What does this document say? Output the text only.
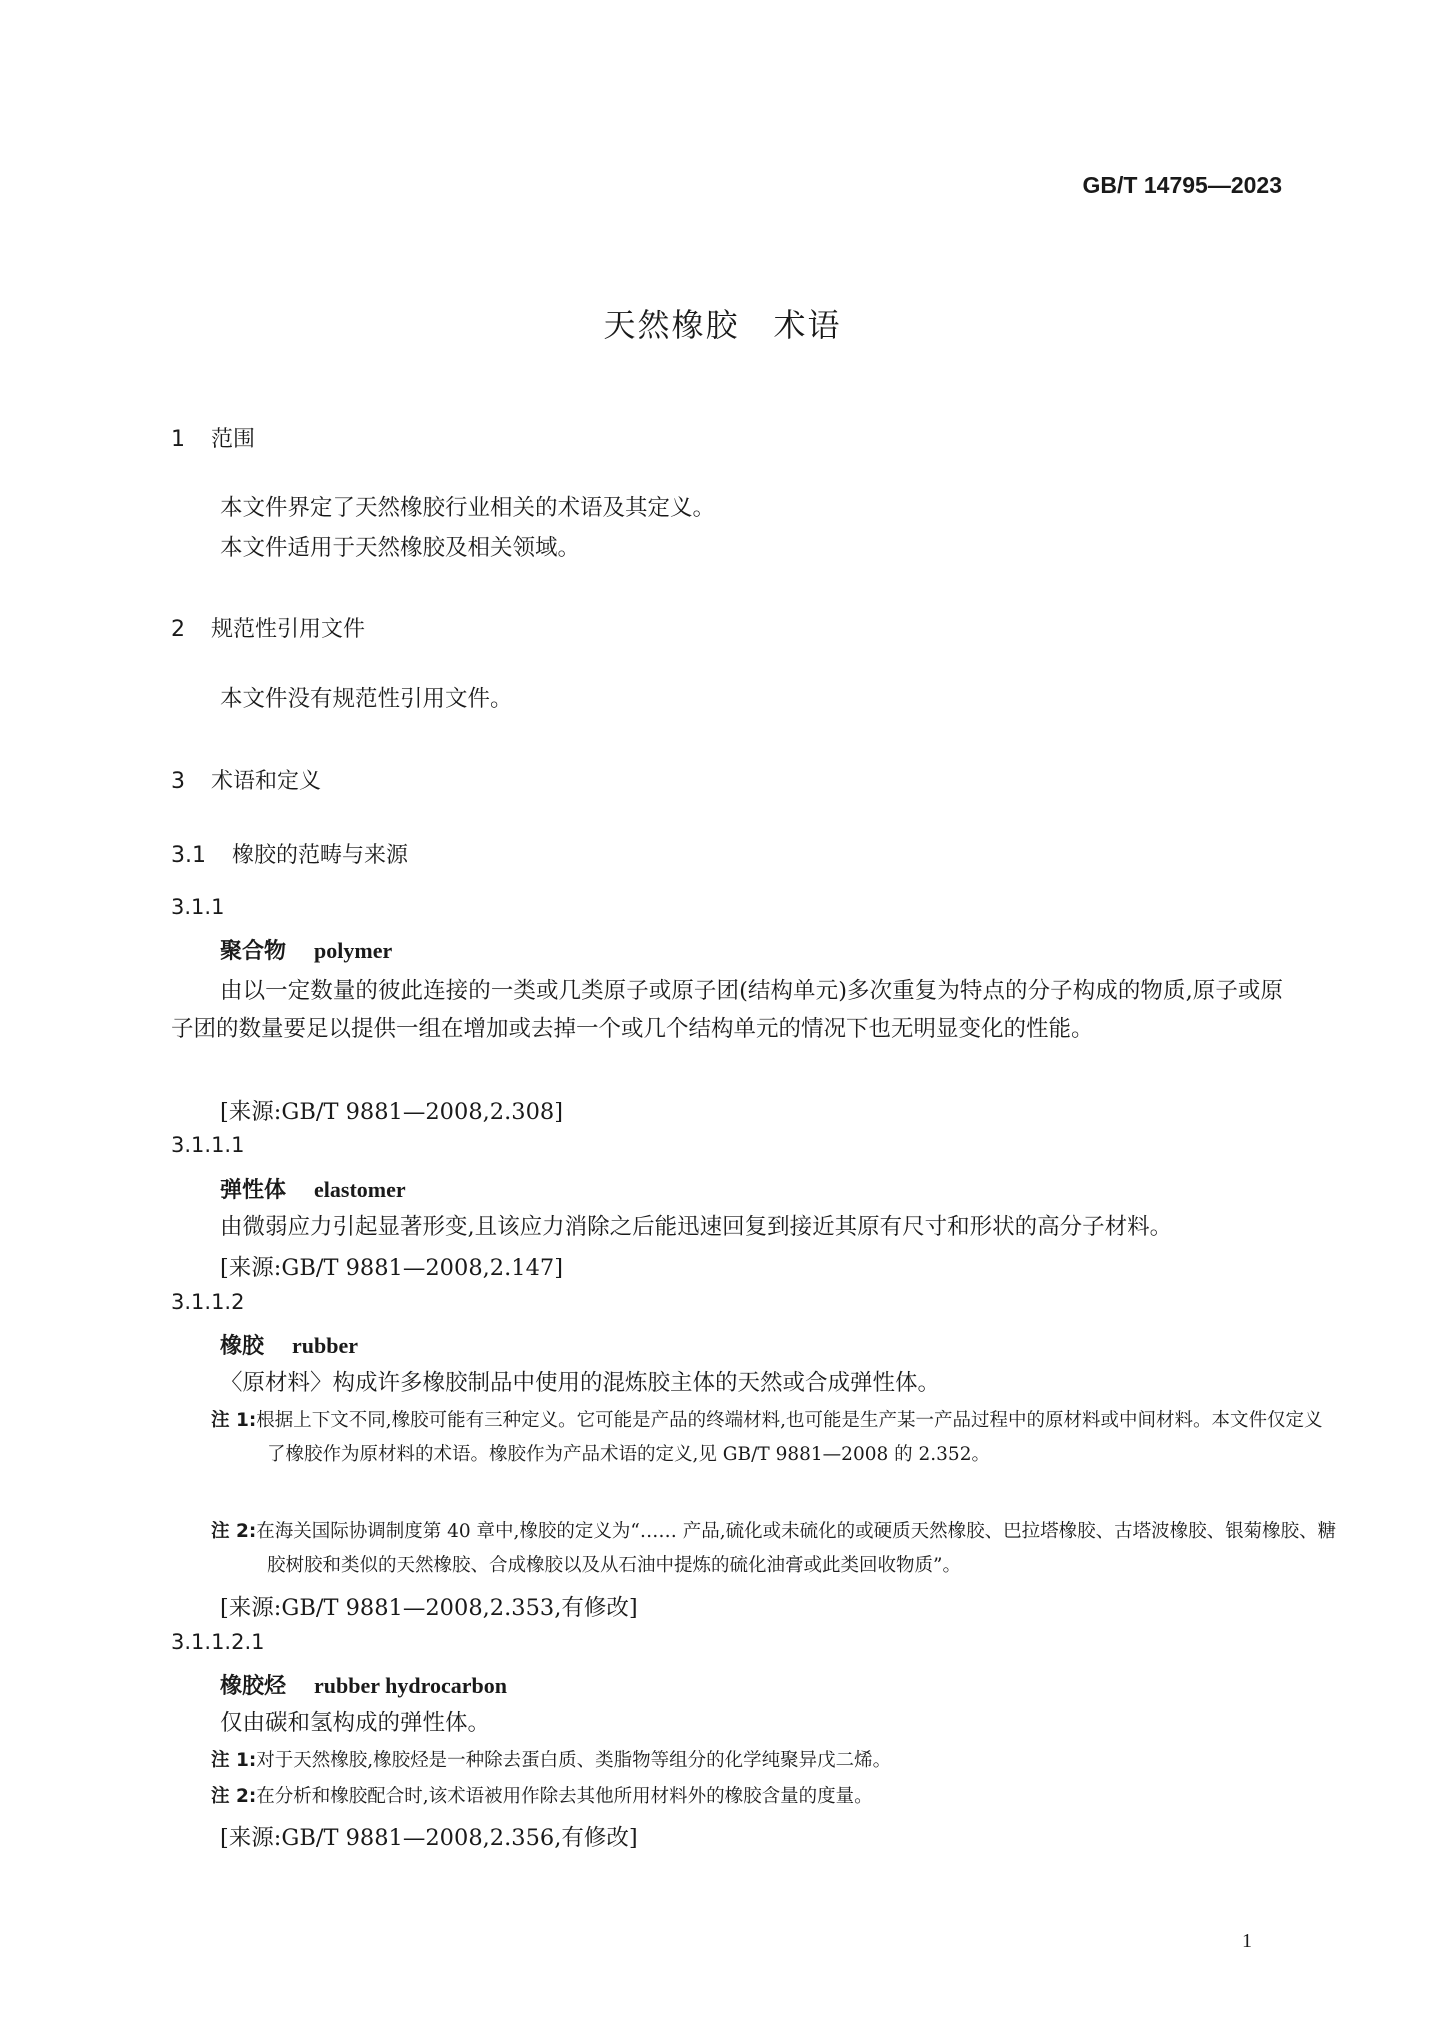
GB/T 14795—2023
天然橡胶　术语
1 范围
本文件界定了天然橡胶行业相关的术语及其定义。
本文件适用于天然橡胶及相关领域。
2 规范性引用文件
本文件没有规范性引用文件。
3 术语和定义
3.1 橡胶的范畴与来源
3.1.1
聚合物 polymer
由以一定数量的彼此连接的一类或几类原子或原子团(结构单元)多次重复为特点的分子构成的物质,原子或原子团的数量要足以提供一组在增加或去掉一个或几个结构单元的情况下也无明显变化的性能。
[来源:GB/T 9881—2008,2.308]
3.1.1.1
弹性体 elastomer
由微弱应力引起显著形变,且该应力消除之后能迅速回复到接近其原有尺寸和形状的高分子材料。
[来源:GB/T 9881—2008,2.147]
3.1.1.2
橡胶 rubber
〈原材料〉构成许多橡胶制品中使用的混炼胶主体的天然或合成弹性体。
注 1:根据上下文不同,橡胶可能有三种定义。它可能是产品的终端材料,也可能是生产某一产品过程中的原材料或中间材料。本文件仅定义了橡胶作为原材料的术语。橡胶作为产品术语的定义,见 GB/T 9881—2008 的 2.352。
注 2:在海关国际协调制度第 40 章中,橡胶的定义为“…… 产品,硫化或未硫化的或硬质天然橡胶、巴拉塔橡胶、古塔波橡胶、银菊橡胶、糖胶树胶和类似的天然橡胶、合成橡胶以及从石油中提炼的硫化油膏或此类回收物质”。
[来源:GB/T 9881—2008,2.353,有修改]
3.1.1.2.1
橡胶烃 rubber hydrocarbon
仅由碳和氢构成的弹性体。
注 1:对于天然橡胶,橡胶烃是一种除去蛋白质、类脂物等组分的化学纯聚异戊二烯。
注 2:在分析和橡胶配合时,该术语被用作除去其他所用材料外的橡胶含量的度量。
[来源:GB/T 9881—2008,2.356,有修改]
1
